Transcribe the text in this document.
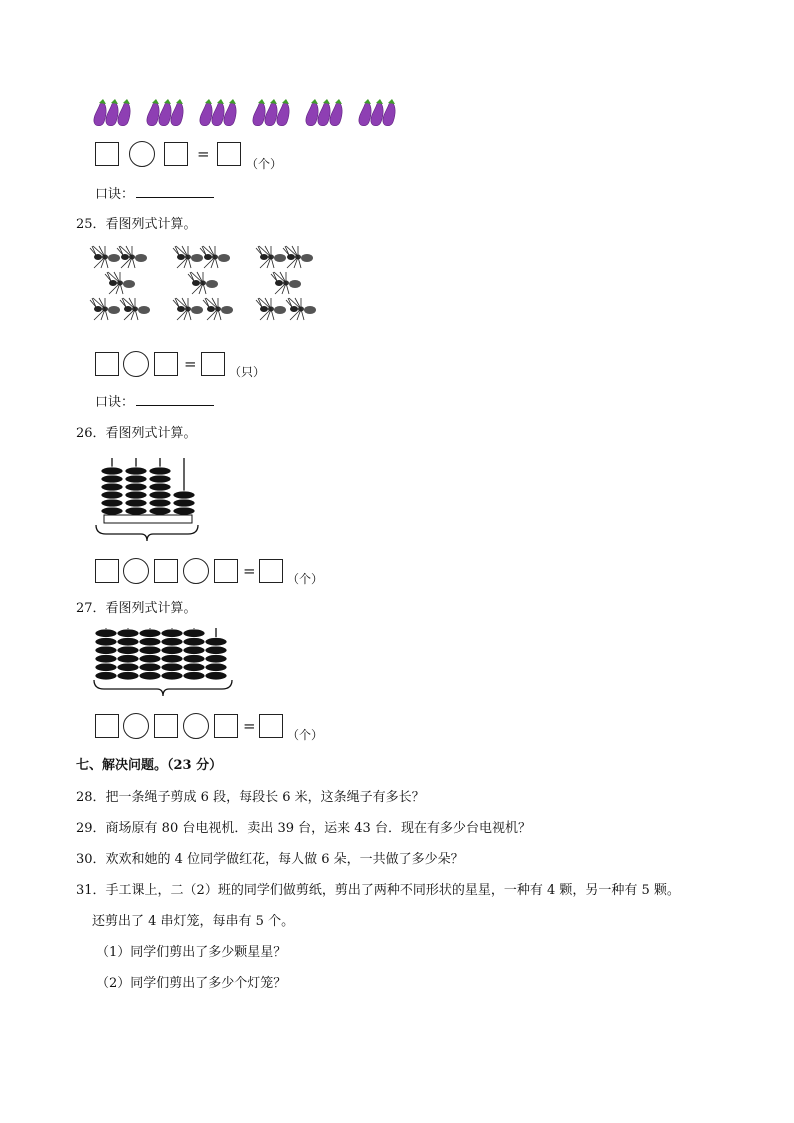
=
（个）
口诀：
25．看图列式计算。
=	（只）
口诀：
26．看图列式计算。
=	（个）
27．看图列式计算。
=	（个）
七、解决问题。（23 分）
28．把一条绳子剪成 6 段，每段长 6 米，这条绳子有多长？
29．商场原有 80 台电视机．卖出 39 台，运来 43 台．现在有多少台电视机？
30．欢欢和她的 4 位同学做红花，每人做 6 朵，一共做了多少朵？
31．手工课上，二（2）班的同学们做剪纸，剪出了两种不同形状的星星，一种有 4 颗，另一种有 5 颗。
还剪出了 4 串灯笼，每串有 5 个。
（1）同学们剪出了多少颗星星？
（2）同学们剪出了多少个灯笼？
